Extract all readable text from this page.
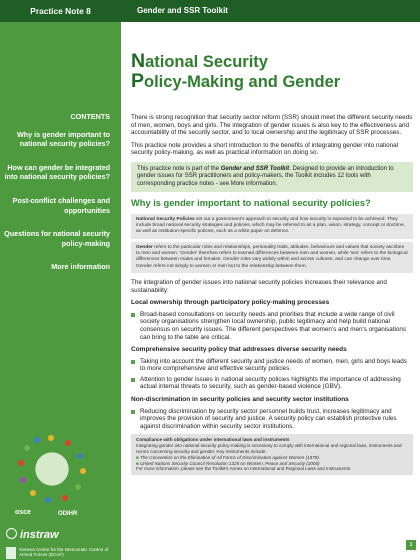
Practice Note 8	Gender and SSR Toolkit
National Security
Policy-Making and Gender
CONTENTS
Why is gender important to national security policies?
How can gender be integrated into national security policies?
Post-conflict challenges and opportunities
Questions for national security policy-making
More information
osce	ODIHR
instraw
Geneva Centre for the Democratic Control of Armed Forces (DCAF)

There is strong recognition that security sector reform (SSR) should meet the different security needs of men, women, boys and girls. The integration of gender issues is also key to the effectiveness and accountability of the security sector, and to local ownership and the legitimacy of SSR processes.

This practice note provides a short introduction to the benefits of integrating gender into national security policy-making, as well as practical information on doing so.

This practice note is part of the Gender and SSR Toolkit. Designed to provide an introduction to gender issues for SSR practitioners and policy-makers, the Toolkit includes 12 tools with corresponding practice notes - see More information.
Why is gender important to national security policies?
National Security Policies set out a government's approach to security and how security is expected to be achieved. They include broad national security strategies and policies, which may be referred to as a plan, vision, strategy, concept or doctrine, as well as institution-specific policies, such as a white paper on defence.
Gender refers to the particular roles and relationships, personality traits, attitudes, behaviours and values that society ascribes to men and women. 'Gender' therefore refers to learned differences between men and women, while 'sex' refers to the biological differences between males and females. Gender roles vary widely within and across cultures, and can change over time. Gender refers not simply to women or men but to the relationship between them.

The integration of gender issues into national security policies increases their relevance and sustainability:

Local ownership through participatory policy-making processes
Broad-based consultations on security needs and priorities that include a wide range of civil society organisations strengthen local ownership, public legitimacy and help build national consensus on security issues. The different perspectives that women's and men's organisations can bring to the table are critical.
Comprehensive security policy that addresses diverse security needs
Taking into account the different security and justice needs of women, men, girls and boys leads to more comprehensive and effective security policies.
Attention to gender issues in national security policies highlights the importance of addressing actual internal threats to security, such as gender-based violence (GBV).
Non-discrimination in security policies and security sector institutions
Reducing discrimination by security sector personnel builds trust, increases legitimacy and improves the provision of security and justice. A security policy can establish protective rules against discrimination within security sector institutions.
Compliance with obligations under international laws and instruments
Integrating gender into national security policy-making is necessary to comply with international and regional laws, instruments and norms concerning security and gender. Key instruments include:
■ The Convention on the Elimination of All Forms of Discrimination against Women (1979)
■ United Nations Security Council Resolution 1325 on Women, Peace and Security (2000)
For more information, please see the Toolkit's Annex on International and Regional Laws and Instruments.
1
